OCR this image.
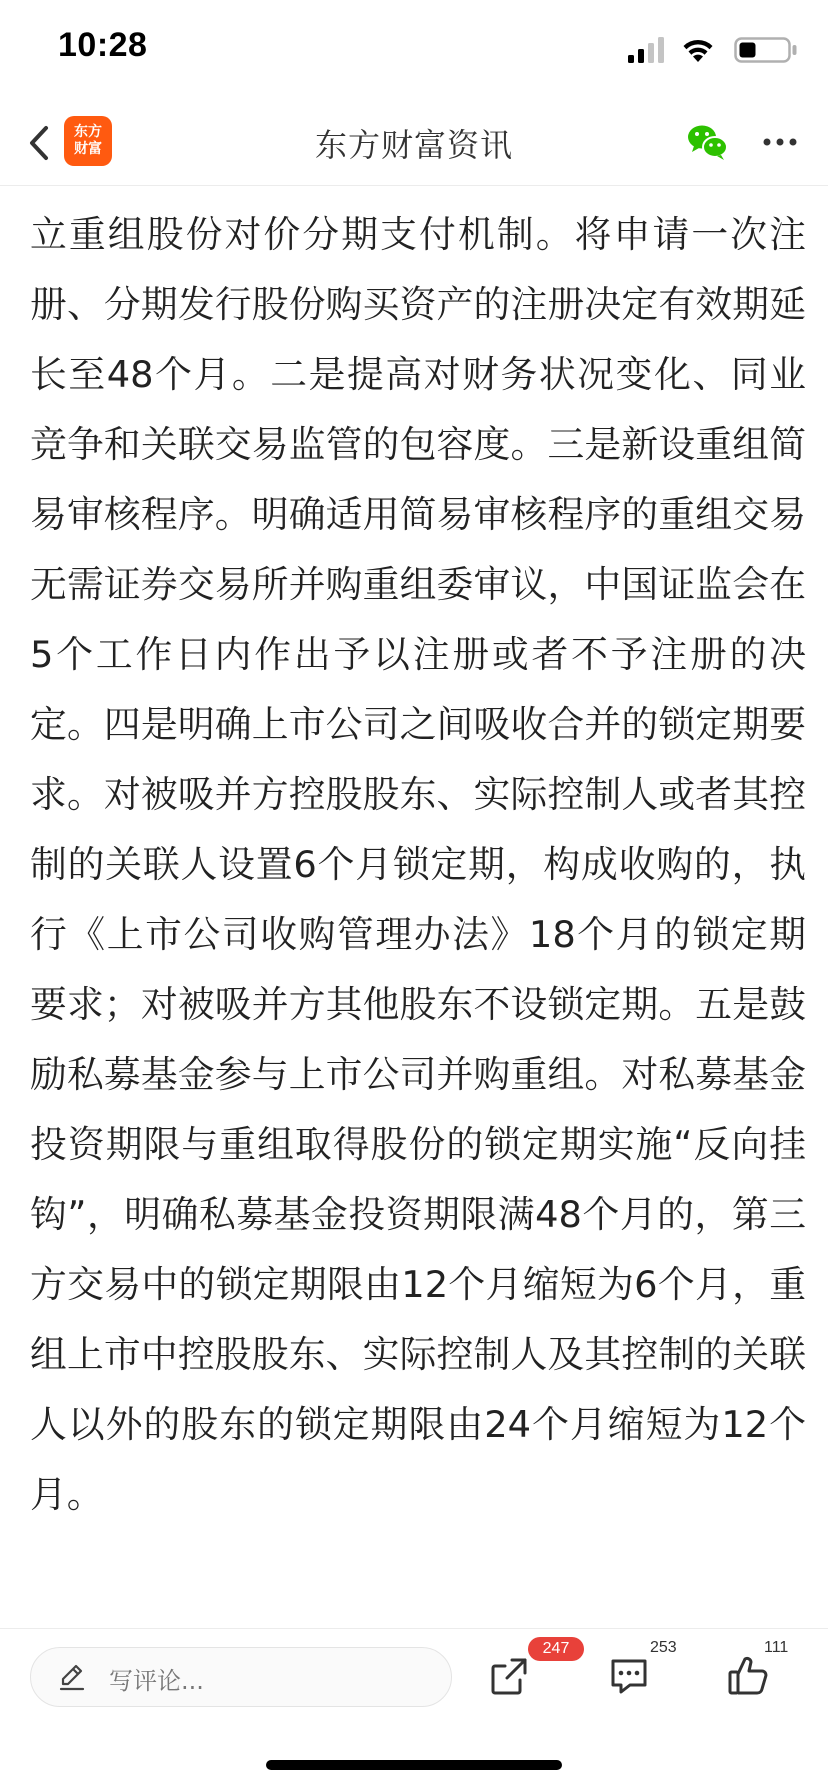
10:28
东方
财富	东方财富资讯

立重组股份对价分期支付机制。将申请一次注册、分期发行股份购买资产的注册决定有效期延长至48个月。二是提高对财务状况变化、同业竞争和关联交易监管的包容度。三是新设重组简易审核程序。明确适用简易审核程序的重组交易无需证券交易所并购重组委审议，中国证监会在5个工作日内作出予以注册或者不予注册的决定。四是明确上市公司之间吸收合并的锁定期要求。对被吸并方控股股东、实际控制人或者其控制的关联人设置6个月锁定期，构成收购的，执行《上市公司收购管理办法》18个月的锁定期要求；对被吸并方其他股东不设锁定期。五是鼓励私募基金参与上市公司并购重组。对私募基金投资期限与重组取得股份的锁定期实施“反向挂钩”，明确私募基金投资期限满48个月的，第三方交易中的锁定期限由12个月缩短为6个月，重组上市中控股股东、实际控制人及其控制的关联人以外的股东的锁定期限由24个月缩短为12个月。

写评论...
247	253	111
